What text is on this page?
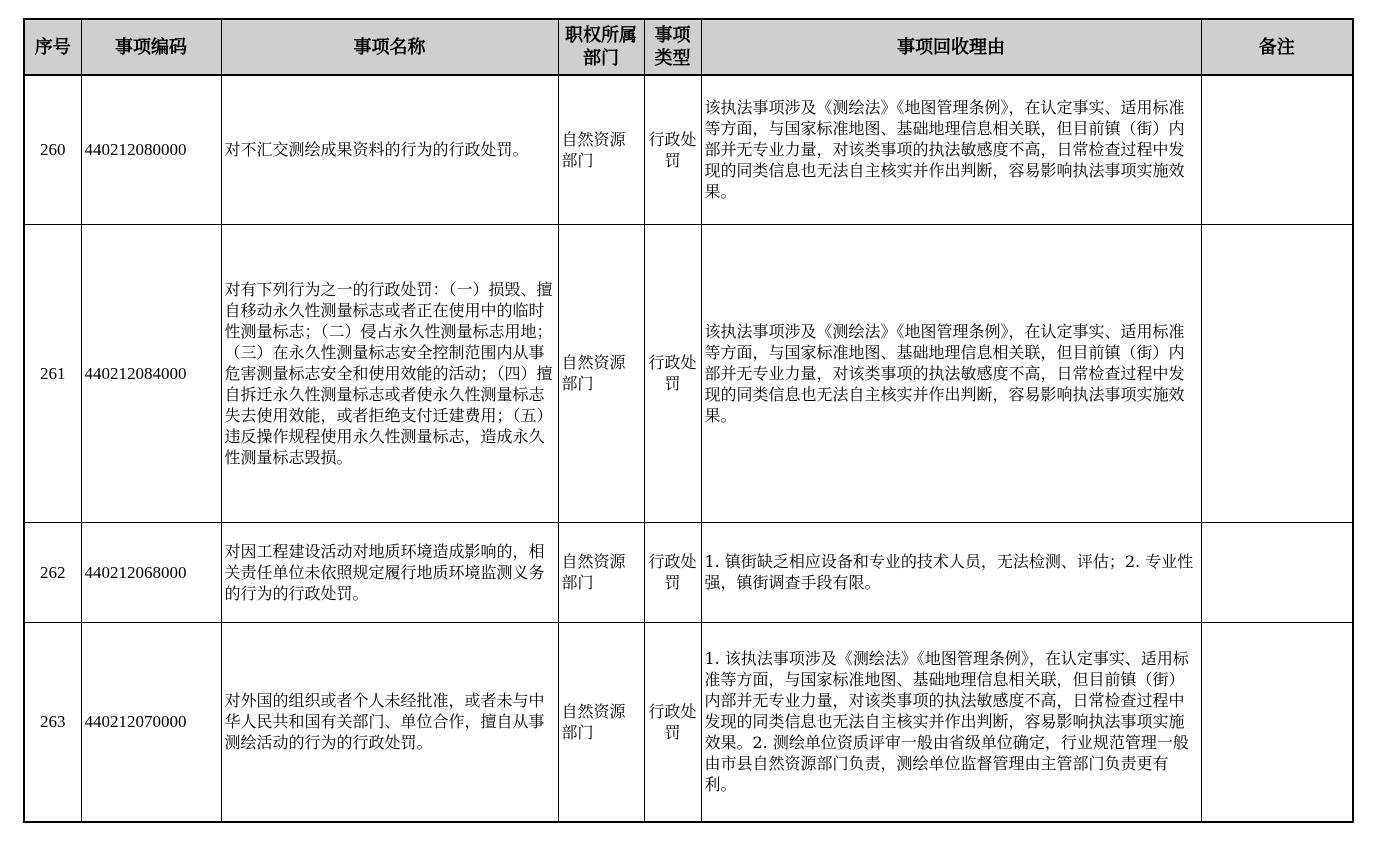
序号	事项编码	事项名称	职权所属部门	事项类型	事项回收理由	备注
260	440212080000	对不汇交测绘成果资料的行为的行政处罚。	自然资源部门	行政处罚	该执法事项涉及《测绘法》《地图管理条例》，在认定事实、适用标准等方面，与国家标准地图、基础地理信息相关联，但目前镇（街）内部并无专业力量，对该类事项的执法敏感度不高，日常检查过程中发现的同类信息也无法自主核实并作出判断，容易影响执法事项实施效果。	
261	440212084000	对有下列行为之一的行政处罚：（一）损毁、擅自移动永久性测量标志或者正在使用中的临时性测量标志；（二）侵占永久性测量标志用地；（三）在永久性测量标志安全控制范围内从事危害测量标志安全和使用效能的活动；（四）擅自拆迁永久性测量标志或者使永久性测量标志失去使用效能，或者拒绝支付迁建费用；（五）违反操作规程使用永久性测量标志，造成永久性测量标志毁损。	自然资源部门	行政处罚	该执法事项涉及《测绘法》《地图管理条例》，在认定事实、适用标准等方面，与国家标准地图、基础地理信息相关联，但目前镇（街）内部并无专业力量，对该类事项的执法敏感度不高，日常检查过程中发现的同类信息也无法自主核实并作出判断，容易影响执法事项实施效果。	
262	440212068000	对因工程建设活动对地质环境造成影响的，相关责任单位未依照规定履行地质环境监测义务的行为的行政处罚。	自然资源部门	行政处罚	1. 镇街缺乏相应设备和专业的技术人员，无法检测、评估；2. 专业性强，镇街调查手段有限。	
263	440212070000	对外国的组织或者个人未经批准，或者未与中华人民共和国有关部门、单位合作，擅自从事测绘活动的行为的行政处罚。	自然资源部门	行政处罚	1. 该执法事项涉及《测绘法》《地图管理条例》，在认定事实、适用标准等方面，与国家标准地图、基础地理信息相关联，但目前镇（街）内部并无专业力量，对该类事项的执法敏感度不高，日常检查过程中发现的同类信息也无法自主核实并作出判断，容易影响执法事项实施效果。2. 测绘单位资质评审一般由省级单位确定，行业规范管理一般由市县自然资源部门负责，测绘单位监督管理由主管部门负责更有利。	
